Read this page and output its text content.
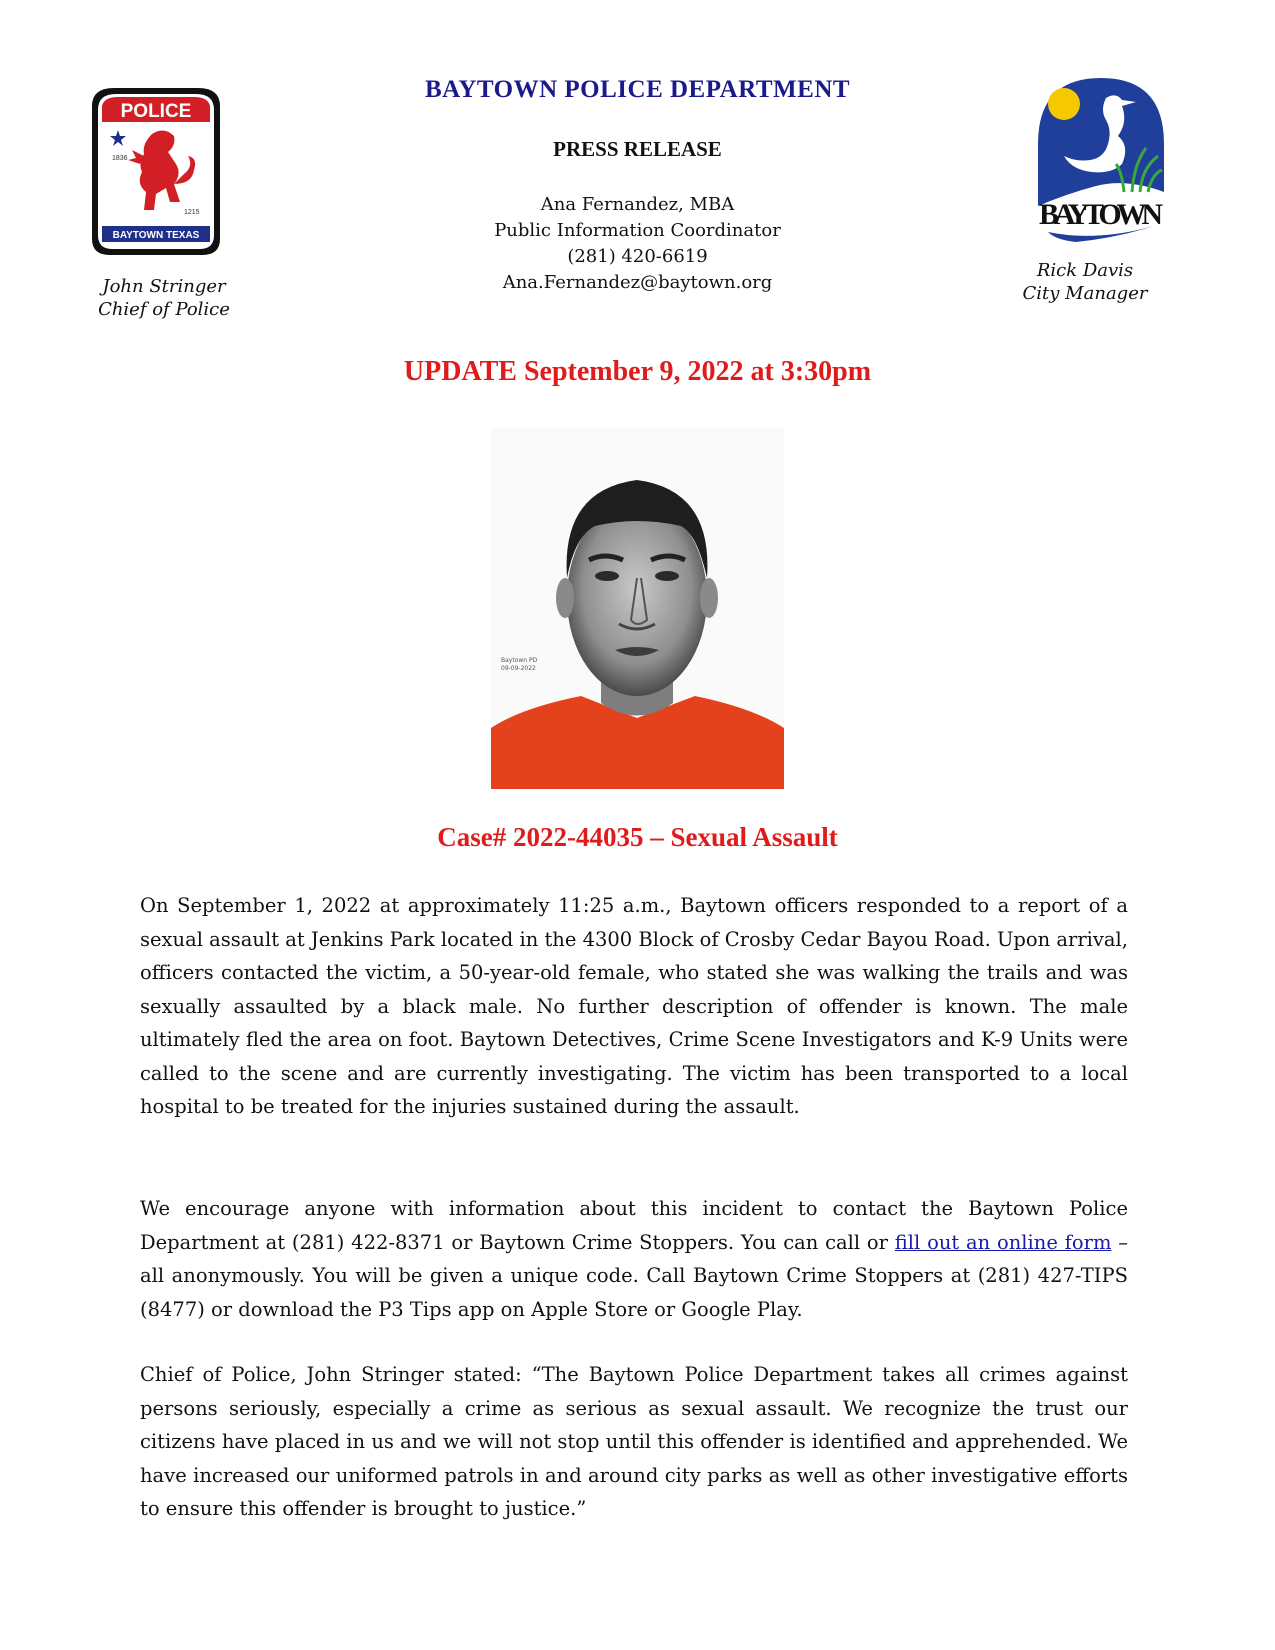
POLICE
BAYTOWN TEXAS
1836
1215
John Stringer
Chief of Police
BAYTOWN POLICE DEPARTMENT
PRESS RELEASE
Ana Fernandez, MBA
Public Information Coordinator
(281) 420-6619
Ana.Fernandez@baytown.org
BAYTOWN
Rick Davis
City Manager
UPDATE September 9, 2022 at 3:30pm
Baytown PD
09-09-2022
Case# 2022-44035 – Sexual Assault

On September 1, 2022 at approximately 11:25 a.m., Baytown officers responded to a report of a sexual assault at Jenkins Park located in the 4300 Block of Crosby Cedar Bayou Road. Upon arrival, officers contacted the victim, a 50-year-old female, who stated she was walking the trails and was sexually assaulted by a black male. No further description of offender is known. The male ultimately fled the area on foot. Baytown Detectives, Crime Scene Investigators and K-9 Units were called to the scene and are currently investigating. The victim has been transported to a local hospital to be treated for the injuries sustained during the assault.

We encourage anyone with information about this incident to contact the Baytown Police Department at (281) 422-8371 or Baytown Crime Stoppers. You can call or fill out an online form – all anonymously. You will be given a unique code. Call Baytown Crime Stoppers at (281) 427-TIPS (8477) or download the P3 Tips app on Apple Store or Google Play.

Chief of Police, John Stringer stated: “The Baytown Police Department takes all crimes against persons seriously, especially a crime as serious as sexual assault. We recognize the trust our citizens have placed in us and we will not stop until this offender is identified and apprehended. We have increased our uniformed patrols in and around city parks as well as other investigative efforts to ensure this offender is brought to justice.”
